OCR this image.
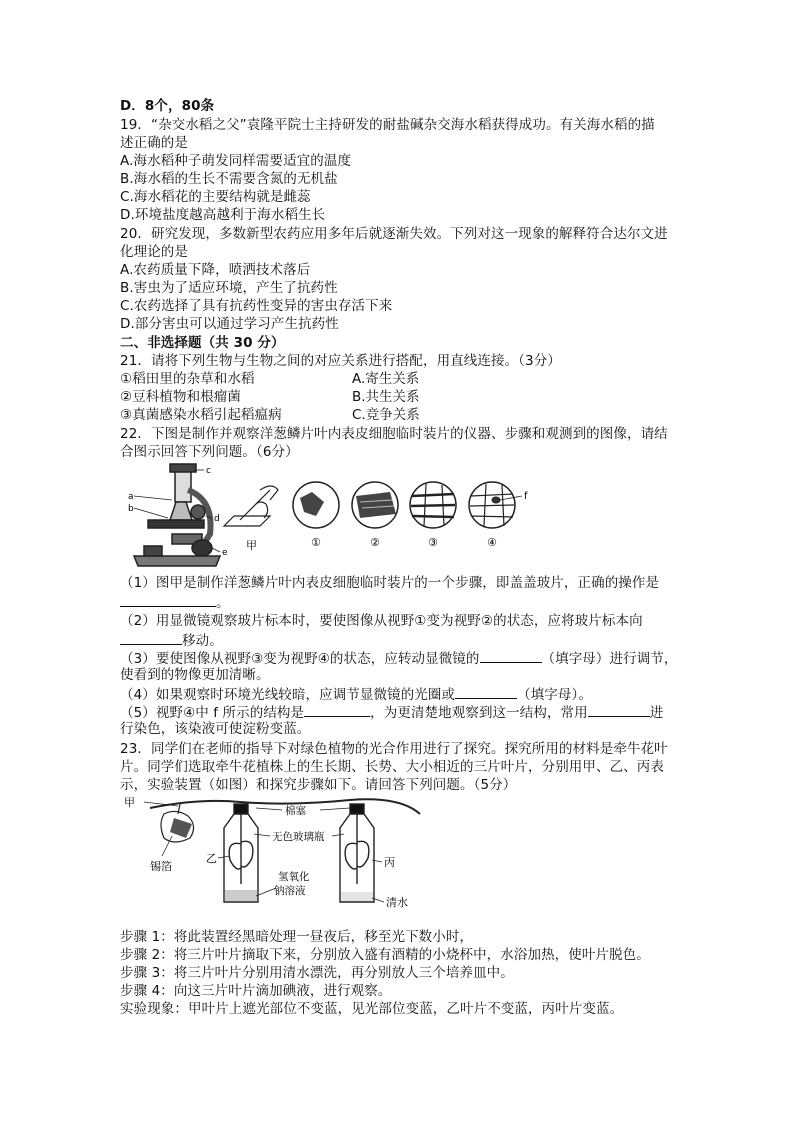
D．8个，80条
19．“杂交水稻之父”袁隆平院士主持研发的耐盐碱杂交海水稻获得成功。有关海水稻的描
述正确的是
A.海水稻种子萌发同样需要适宜的温度
B.海水稻的生长不需要含氮的无机盐
C.海水稻花的主要结构就是雌蕊
D.环境盐度越高越利于海水稻生长
20．研究发现，多数新型农药应用多年后就逐渐失效。下列对这一现象的解释符合达尔文进
化理论的是
A.农药质量下降，喷洒技术落后
B.害虫为了适应环境，产生了抗药性
C.农药选择了具有抗药性变异的害虫存活下来
D.部分害虫可以通过学习产生抗药性
二、非选择题（共 30 分）
21．请将下列生物与生物之间的对应关系进行搭配，用直线连接。（3分）
①稻田里的杂草和水稻	A.寄生关系
②豆科植物和根瘤菌	B.共生关系
③真菌感染水稻引起稻瘟病	C.竞争关系
22．下图是制作并观察洋葱鳞片叶内表皮细胞临时装片的仪器、步骤和观测到的图像，请结
合图示回答下列问题。（6分）
a
b
c
d
e
甲	①	②	③
f
④
（1）图甲是制作洋葱鳞片叶内表皮细胞临时装片的一个步骤，即盖盖玻片，正确的操作是
。
（2）用显微镜观察玻片标本时，要使图像从视野①变为视野②的状态，应将玻片标本向
移动。
（3）要使图像从视野③变为视野④的状态，应转动显微镜的	（填字母）进行调节，
使看到的物像更加清晰。
（4）如果观察时环境光线较暗，应调节显微镜的光圈或	（填字母）。
（5）视野④中 f 所示的结构是	，为更清楚地观察到这一结构，常用	进
行染色，该染液可使淀粉变蓝。
23．同学们在老师的指导下对绿色植物的光合作用进行了探究。探究所用的材料是牵牛花叶
片。同学们选取牵牛花植株上的生长期、长势、大小相近的三片叶片，分别用甲、乙、丙表
示，实验装置（如图）和探究步骤如下。请回答下列问题。（5分）
甲
锡箔
棉塞
无色玻璃瓶
乙	丙
氢氧化
钠溶液
清水
步骤 1：将此装置经黑暗处理一昼夜后，移至光下数小时，
步骤 2：将三片叶片摘取下来，分别放入盛有酒精的小烧杯中，水浴加热，使叶片脱色。
步骤 3：将三片叶片分别用清水漂洗，再分别放人三个培养皿中。
步骤 4：向这三片叶片滴加碘液，进行观察。
实验现象：甲叶片上遮光部位不变蓝，见光部位变蓝，乙叶片不变蓝，丙叶片变蓝。
